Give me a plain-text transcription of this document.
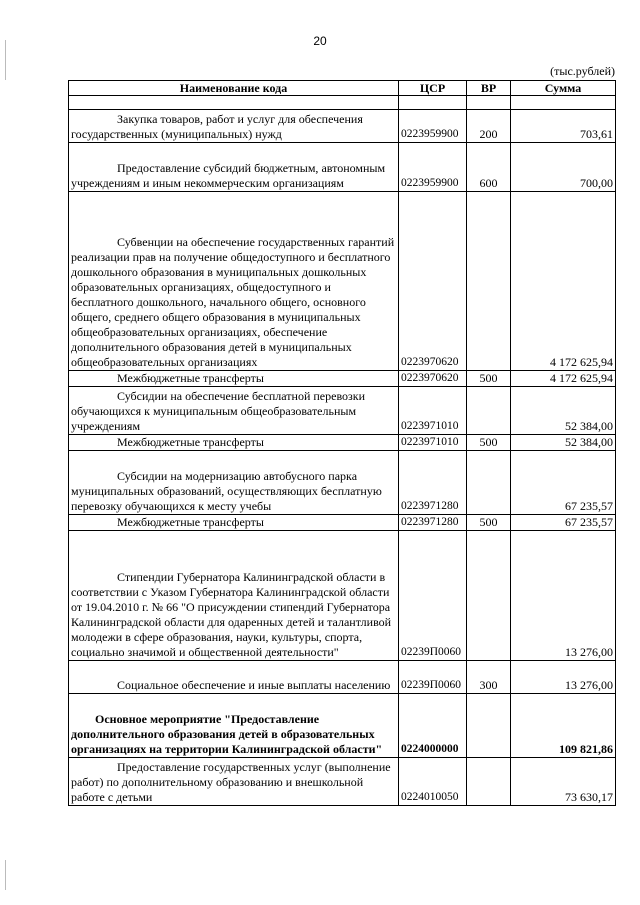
20
(тыс.рублей)
Наименование кода	ЦСР	ВР	Сумма

Закупка товаров, работ и услуг для обеспечения государственных (муниципальных) нужд	0223959900	200	703,61
Предоставление субсидий бюджетным, автономным учреждениям и иным некоммерческим организациям	0223959900	600	700,00
Субвенции на обеспечение государственных гарантий реализации прав на получение общедоступного и бесплатного дошкольного образования в муниципальных дошкольных образовательных организациях, общедоступного и бесплатного дошкольного, начального общего, основного общего, среднего общего образования в муниципальных общеобразовательных организациях, обеспечение дополнительного образования детей в муниципальных общеобразовательных организациях	0223970620		4 172 625,94
Межбюджетные трансферты	0223970620	500	4 172 625,94
Субсидии на обеспечение бесплатной перевозки обучающихся к муниципальным общеобразовательным учреждениям	0223971010		52 384,00
Межбюджетные трансферты	0223971010	500	52 384,00
Субсидии на модернизацию автобусного парка муниципальных образований, осуществляющих бесплатную перевозку обучающихся к месту учебы	0223971280		67 235,57
Межбюджетные трансферты	0223971280	500	67 235,57
Стипендии Губернатора Калининградской области в соответствии с Указом Губернатора Калининградской области от 19.04.2010 г. № 66 "О присуждении стипендий Губернатора Калининградской области для одаренных детей и талантливой молодежи в сфере образования, науки, культуры, спорта, социально значимой и общественной деятельности"	02239П0060		13 276,00
Социальное обеспечение и иные выплаты населению	02239П0060	300	13 276,00
Основное мероприятие "Предоставление дополнительного образования детей в образовательных организациях на территории Калининградской области"	0224000000		109 821,86
Предоставление государственных услуг (выполнение работ) по дополнительному образованию и внешкольной работе с детьми	0224010050		73 630,17
